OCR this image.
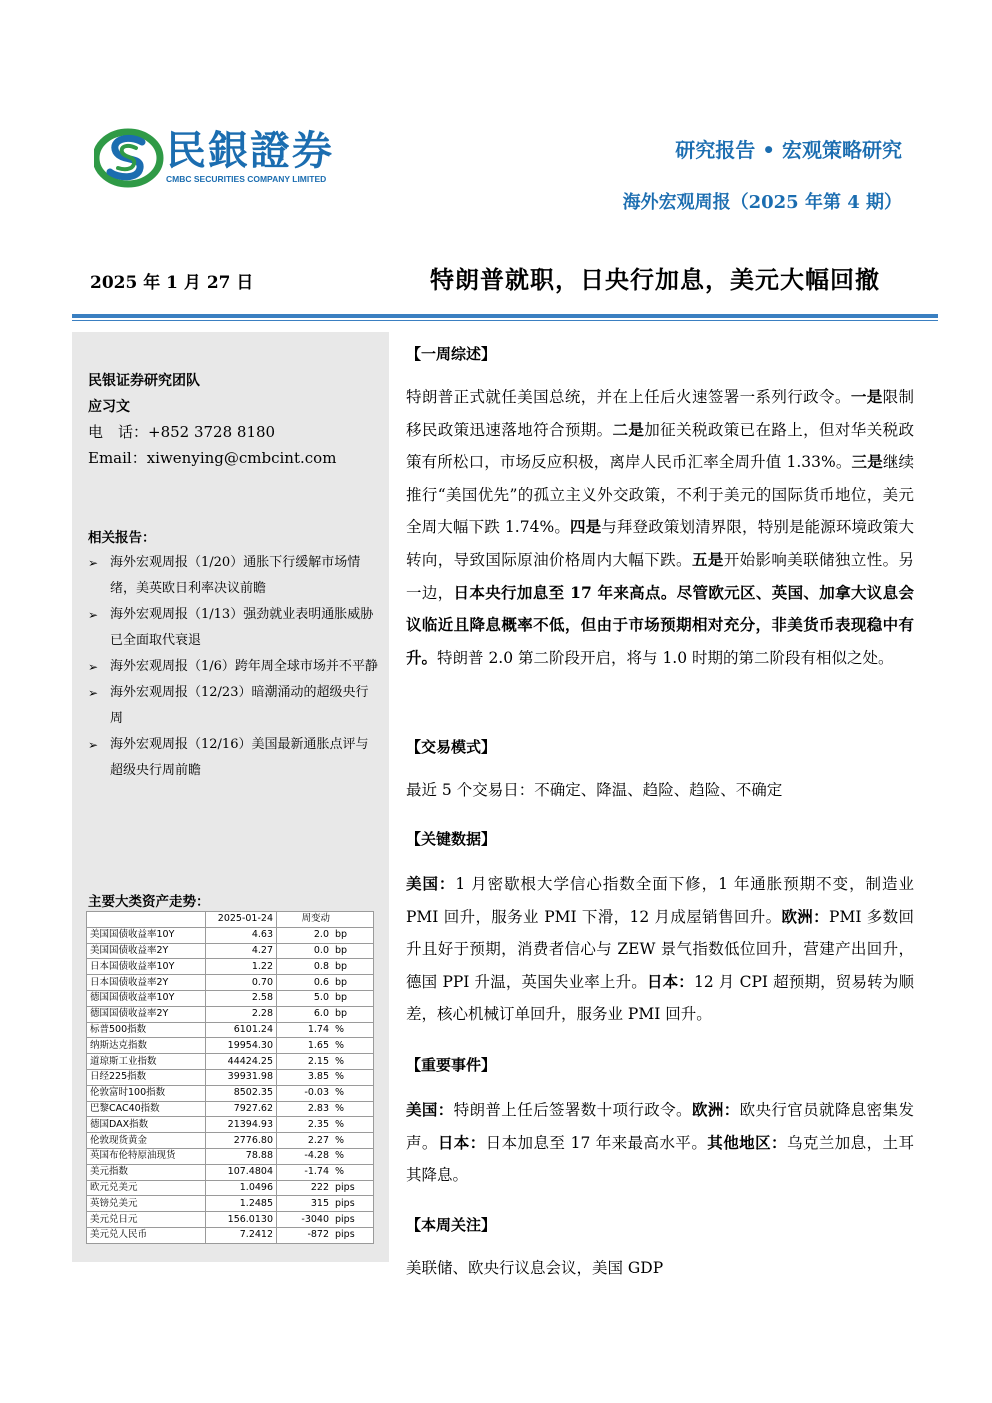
民銀證券
CMBC SECURITIES COMPANY LIMITED
研究报告 • 宏观策略研究
海外宏观周报（2025 年第 4 期）
2025 年 1 月 27 日	特朗普就职，日央行加息，美元大幅回撤
民银证券研究团队
应习文
电　话：+852 3728 8180
Email：xiwenying@cmbcint.com
相关报告：
➢ 海外宏观周报（1/20）通胀下行缓解市场情绪，美英欧日利率决议前瞻
➢ 海外宏观周报（1/13）强劲就业表明通胀威胁已全面取代衰退
➢ 海外宏观周报（1/6）跨年周全球市场并不平静
➢ 海外宏观周报（12/23）暗潮涌动的超级央行周
➢ 海外宏观周报（12/16）美国最新通胀点评与超级央行周前瞻
主要大类资产走势：
	2025-01-24	周变动	
美国国债收益率10Y	4.63	2.0	bp
美国国债收益率2Y	4.27	0.0	bp
日本国债收益率10Y	1.22	0.8	bp
日本国债收益率2Y	0.70	0.6	bp
德国国债收益率10Y	2.58	5.0	bp
德国国债收益率2Y	2.28	6.0	bp
标普500指数	6101.24	1.74	%
纳斯达克指数	19954.30	1.65	%
道琼斯工业指数	44424.25	2.15	%
日经225指数	39931.98	3.85	%
伦敦富时100指数	8502.35	-0.03	%
巴黎CAC40指数	7927.62	2.83	%
德国DAX指数	21394.93	2.35	%
伦敦现货黄金	2776.80	2.27	%
英国布伦特原油现货	78.88	-4.28	%
美元指数	107.4804	-1.74	%
欧元兑美元	1.0496	222	pips
英镑兑美元	1.2485	315	pips
美元兑日元	156.0130	-3040	pips
美元兑人民币	7.2412	-872	pips
【一周综述】

特朗普正式就任美国总统，并在上任后火速签署一系列行政令。一是限制移民政策迅速落地符合预期。二是加征关税政策已在路上，但对华关税政策有所松口，市场反应积极，离岸人民币汇率全周升值 1.33%。三是继续推行“美国优先”的孤立主义外交政策，不利于美元的国际货币地位，美元全周大幅下跌 1.74%。四是与拜登政策划清界限，特别是能源环境政策大转向，导致国际原油价格周内大幅下跌。五是开始影响美联储独立性。另一边，日本央行加息至 17 年来高点。尽管欧元区、英国、加拿大议息会议临近且降息概率不低，但由于市场预期相对充分，非美货币表现稳中有升。特朗普 2.0 第二阶段开启，将与 1.0 时期的第二阶段有相似之处。

【交易模式】

最近 5 个交易日：不确定、降温、趋险、趋险、不确定

【关键数据】

美国：1 月密歇根大学信心指数全面下修，1 年通胀预期不变，制造业 PMI 回升，服务业 PMI 下滑，12 月成屋销售回升。欧洲：PMI 多数回升且好于预期，消费者信心与 ZEW 景气指数低位回升，营建产出回升，德国 PPI 升温，英国失业率上升。日本：12 月 CPI 超预期，贸易转为顺差，核心机械订单回升，服务业 PMI 回升。

【重要事件】

美国：特朗普上任后签署数十项行政令。欧洲：欧央行官员就降息密集发声。日本：日本加息至 17 年来最高水平。其他地区：乌克兰加息，土耳其降息。

【本周关注】

美联储、欧央行议息会议，美国 GDP
